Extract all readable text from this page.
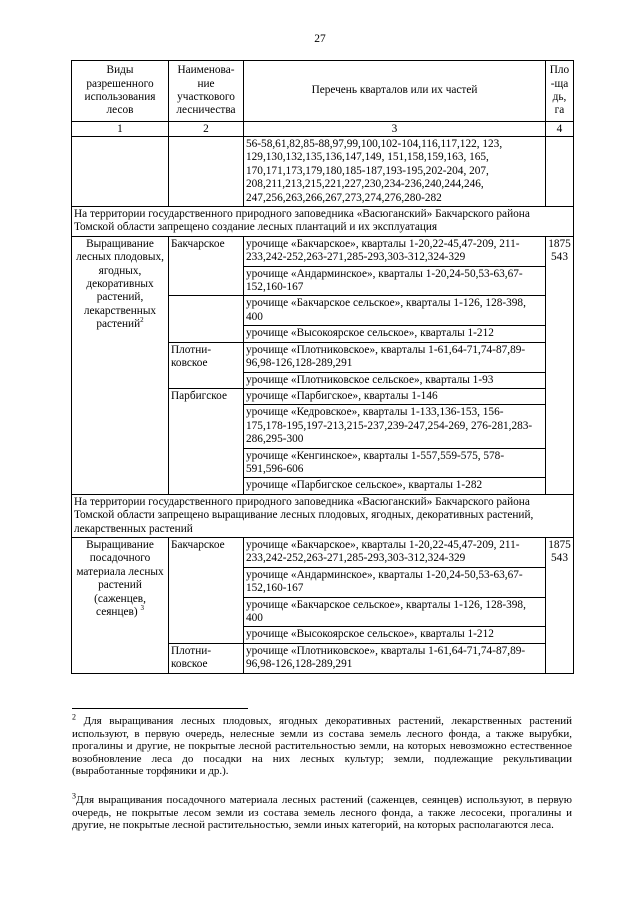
27
Виды разрешенного использования лесов	Наименова-ние участкового лесничества	Перечень кварталов или их частей	Пло-щадь, га
1	2	3	4
		56-58,61,82,85-88,97,99,100,102-104,116,117,122, 123, 129,130,132,135,136,147,149, 151,158,159,163, 165, 170,171,173,179,180,185-187,193-195,202-204, 207, 208,211,213,215,221,227,230,234-236,240,244,246, 247,256,263,266,267,273,274,276,280-282	
На территории государственного природного заповедника «Васюганский» Бакчарского района Томской области запрещено создание лесных плантаций и их эксплуатация			
Выращивание лесных плодовых, ягодных, декоративных растений, лекарственных растений$^2$	Бакчарское	урочище «Бакчарское», кварталы 1-20,22-45,47-209, 211-233,242-252,263-271,285-293,303-312,324-329	1875543
		урочище «Андарминское», кварталы 1-20,24-50,53-63,67-152,160-167	
		урочище «Бакчарское сельское», кварталы 1-126, 128-398, 400	
		урочище «Высокоярское сельское», кварталы 1-212	
	Плотни-ковское	урочище «Плотниковское», кварталы 1-61,64-71,74-87,89-96,98-126,128-289,291	
		урочище «Плотниковское сельское», кварталы 1-93	
	Парбигское	урочище «Парбигское», кварталы 1-146	
		урочище «Кедровское», кварталы 1-133,136-153, 156-175,178-195,197-213,215-237,239-247,254-269, 276-281,283-286,295-300	
		урочище «Кенгинское», кварталы 1-557,559-575, 578-591,596-606	
		урочище «Парбигское сельское», кварталы 1-282	
На территории государственного природного заповедника «Васюганский» Бакчарского района Томской области запрещено выращивание лесных плодовых, ягодных, декоративных растений, лекарственных растений			
Выращивание посадочного материала лесных растений (саженцев, сеянцев) $^3$	Бакчарское	урочище «Бакчарское», кварталы 1-20,22-45,47-209, 211-233,242-252,263-271,285-293,303-312,324-329	1875543
		урочище «Андарминское», кварталы 1-20,24-50,53-63,67-152,160-167	
		урочище «Бакчарское сельское», кварталы 1-126, 128-398, 400	
		урочище «Высокоярское сельское», кварталы 1-212	
	Плотни-ковское	урочище «Плотниковское», кварталы 1-61,64-71,74-87,89-96,98-126,128-289,291	
$^2$ Для выращивания лесных плодовых, ягодных декоративных растений, лекарственных растений используют, в первую очередь, нелесные земли из состава земель лесного фонда, а также вырубки, прогалины и другие, не покрытые лесной растительностью земли, на которых невозможно естественное возобновление леса до посадки на них лесных культур; земли, подлежащие рекультивации (выработанные торфяники и др.).
$^3$Для выращивания посадочного материала лесных растений (саженцев, сеянцев) используют, в первую очередь, не покрытые лесом земли из состава земель лесного фонда, а также лесосеки, прогалины и другие, не покрытые лесной растительностью, земли иных категорий, на которых располагаются леса.
